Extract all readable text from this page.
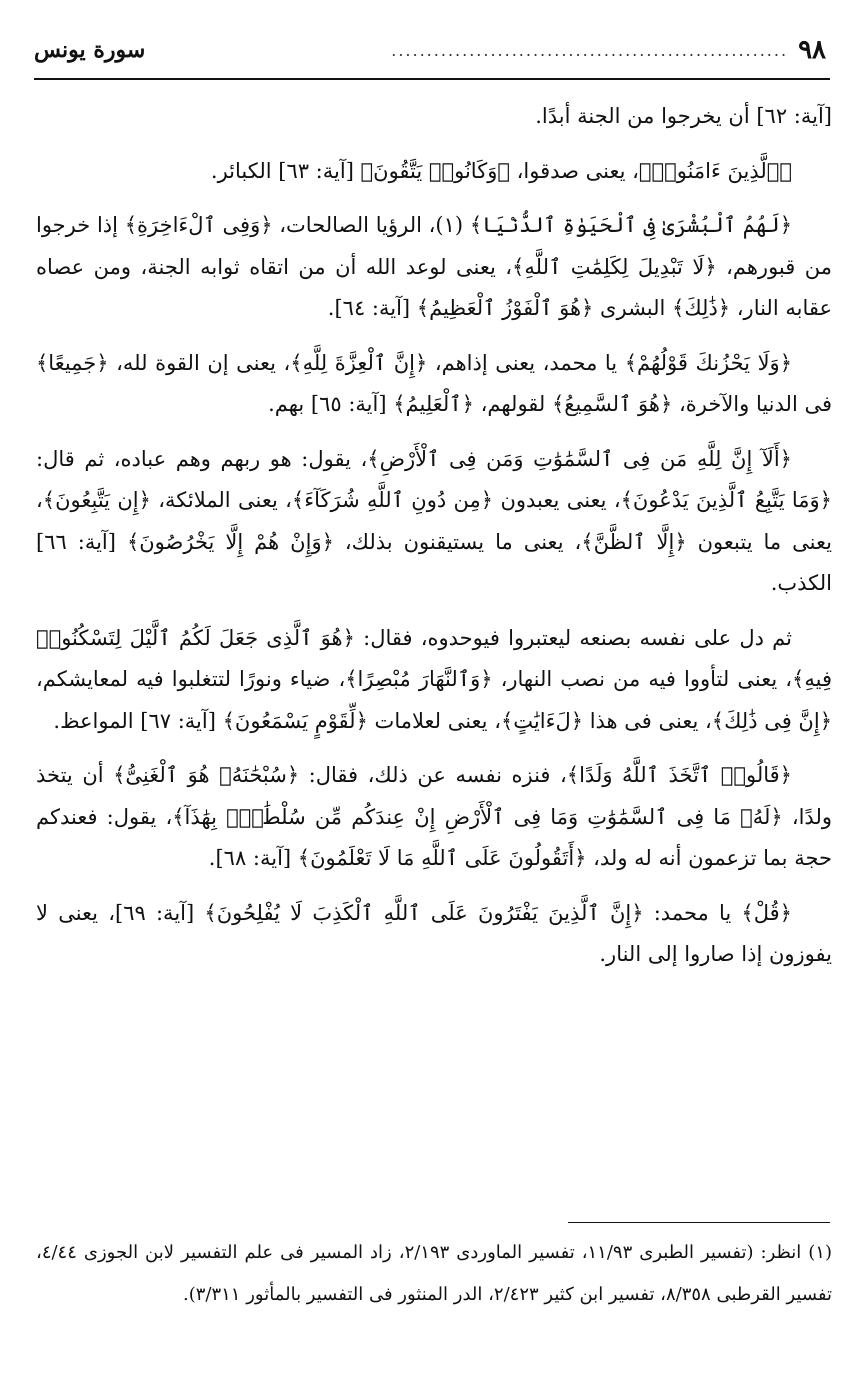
٩٨
........................................................
سورة يونس

[آية: ٦٢] أن يخرجوا من الجنة أبدًا.

﴿ٱلَّذِينَ ءَامَنُوا۟﴾، يعنى صدقوا، ﴿وَكَانُوا۟ يَتَّقُونَ﴾ [آية: ٦٣] الكبائر.

﴿لَهُمُ ٱلْبُشْرَىٰ فِى ٱلْحَيَوٰةِ ٱلدُّنْيَا﴾ (١)، الرؤيا الصالحات، ﴿وَفِى ٱلْءَاخِرَةِ﴾ إذا خرجوا من قبورهم، ﴿لَا تَبْدِيلَ لِكَلِمَٰتِ ٱللَّهِ﴾، يعنى لوعد الله أن من اتقاه ثوابه الجنة، ومن عصاه عقابه النار، ﴿ذَٰلِكَ﴾ البشرى ﴿هُوَ ٱلْفَوْزُ ٱلْعَظِيمُ﴾ [آية: ٦٤].

﴿وَلَا يَحْزُنكَ قَوْلُهُمْ﴾ يا محمد، يعنى إذاهم، ﴿إِنَّ ٱلْعِزَّةَ لِلَّهِ﴾، يعنى إن القوة لله، ﴿جَمِيعًا﴾ فى الدنيا والآخرة، ﴿هُوَ ٱلسَّمِيعُ﴾ لقولهم، ﴿ٱلْعَلِيمُ﴾ [آية: ٦٥] بهم.

﴿أَلَآ إِنَّ لِلَّهِ مَن فِى ٱلسَّمَٰوَٰتِ وَمَن فِى ٱلْأَرْضِ﴾، يقول: هو ربهم وهم عباده، ثم قال: ﴿وَمَا يَتَّبِعُ ٱلَّذِينَ يَدْعُونَ﴾، يعنى يعبدون ﴿مِن دُونِ ٱللَّهِ شُرَكَآءَ﴾، يعنى الملائكة، ﴿إِن يَتَّبِعُونَ﴾، يعنى ما يتبعون ﴿إِلَّا ٱلظَّنَّ﴾، يعنى ما يستيقنون بذلك، ﴿وَإِنْ هُمْ إِلَّا يَخْرُصُونَ﴾ [آية: ٦٦] الكذب.

ثم دل على نفسه بصنعه ليعتبروا فيوحدوه، فقال: ﴿هُوَ ٱلَّذِى جَعَلَ لَكُمُ ٱلَّيْلَ لِتَسْكُنُوا۟ فِيهِ﴾، يعنى لتأووا فيه من نصب النهار، ﴿وَٱلنَّهَارَ مُبْصِرًا﴾، ضياء ونورًا لتتغلبوا فيه لمعايشكم، ﴿إِنَّ فِى ذَٰلِكَ﴾، يعنى فى هذا ﴿لَءَايَٰتٍ﴾، يعنى لعلامات ﴿لِّقَوْمٍ يَسْمَعُونَ﴾ [آية: ٦٧] المواعظ.

﴿قَالُوا۟ ٱتَّخَذَ ٱللَّهُ وَلَدًا﴾، فنزه نفسه عن ذلك، فقال: ﴿سُبْحَٰنَهُۥ هُوَ ٱلْغَنِىُّ﴾ أن يتخذ ولدًا، ﴿لَهُۥ مَا فِى ٱلسَّمَٰوَٰتِ وَمَا فِى ٱلْأَرْضِ إِنْ عِندَكُم مِّن سُلْطَٰنٍۭ بِهَٰذَآ﴾، يقول: فعندكم حجة بما تزعمون أنه له ولد، ﴿أَتَقُولُونَ عَلَى ٱللَّهِ مَا لَا تَعْلَمُونَ﴾ [آية: ٦٨].

﴿قُلْ﴾ يا محمد: ﴿إِنَّ ٱلَّذِينَ يَفْتَرُونَ عَلَى ٱللَّهِ ٱلْكَذِبَ لَا يُفْلِحُونَ﴾ [آية: ٦٩]، يعنى لا يفوزون إذا صاروا إلى النار.

(١) انظر: (تفسير الطبرى ١١/٩٣، تفسير الماوردى ٢/١٩٣، زاد المسير فى علم التفسير لابن الجوزى ٤/٤٤، تفسير القرطبى ٨/٣٥٨، تفسير ابن كثير ٢/٤٢٣، الدر المنثور فى التفسير بالمأثور ٣/٣١١).
